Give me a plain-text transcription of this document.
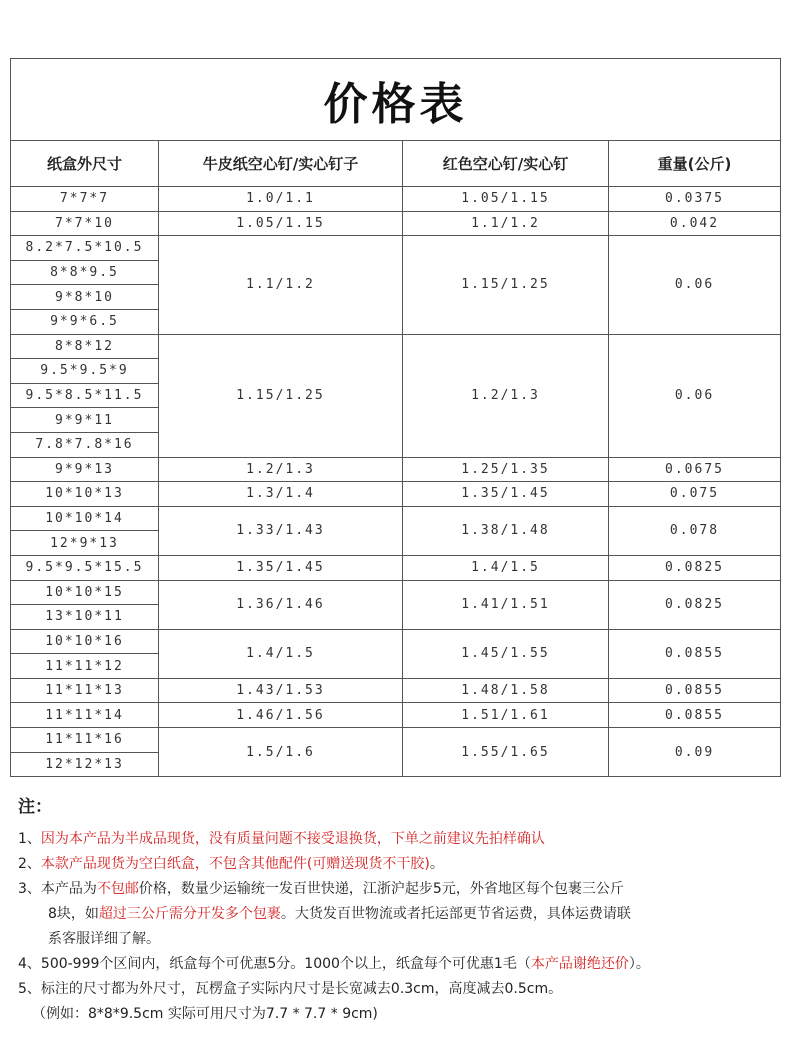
价格表			
纸盒外尺寸	牛皮纸空心钉/实心钉子	红色空心钉/实心钉	重量(公斤)
7*7*7	1.0/1.1	1.05/1.15	0.0375
7*7*10	1.05/1.15	1.1/1.2	0.042
8.2*7.5*10.5	1.1/1.2	1.15/1.25	0.06
8*8*9.5			
9*8*10			
9*9*6.5			
8*8*12	1.15/1.25	1.2/1.3	0.06
9.5*9.5*9			
9.5*8.5*11.5			
9*9*11			
7.8*7.8*16			
9*9*13	1.2/1.3	1.25/1.35	0.0675
10*10*13	1.3/1.4	1.35/1.45	0.075
10*10*14	1.33/1.43	1.38/1.48	0.078
12*9*13			
9.5*9.5*15.5	1.35/1.45	1.4/1.5	0.0825
10*10*15	1.36/1.46	1.41/1.51	0.0825
13*10*11			
10*10*16	1.4/1.5	1.45/1.55	0.0855
11*11*12			
11*11*13	1.43/1.53	1.48/1.58	0.0855
11*11*14	1.46/1.56	1.51/1.61	0.0855
11*11*16	1.5/1.6	1.55/1.65	0.09
12*12*13			
注：
1、因为本产品为半成品现货，没有质量问题不接受退换货，下单之前建议先拍样确认
2、本款产品现货为空白纸盒，不包含其他配件(可赠送现货不干胶)。
3、本产品为不包邮价格，数量少运输统一发百世快递，江浙沪起步5元，外省地区每个包裹三公斤
8块，如超过三公斤需分开发多个包裹。大货发百世物流或者托运部更节省运费，具体运费请联
系客服详细了解。
4、500-999个区间内，纸盒每个可优惠5分。1000个以上，纸盒每个可优惠1毛（本产品谢绝还价）。
5、标注的尺寸都为外尺寸，瓦楞盒子实际内尺寸是长宽减去0.3cm，高度减去0.5cm。
（例如：8*8*9.5cm 实际可用尺寸为7.7 * 7.7 * 9cm)
